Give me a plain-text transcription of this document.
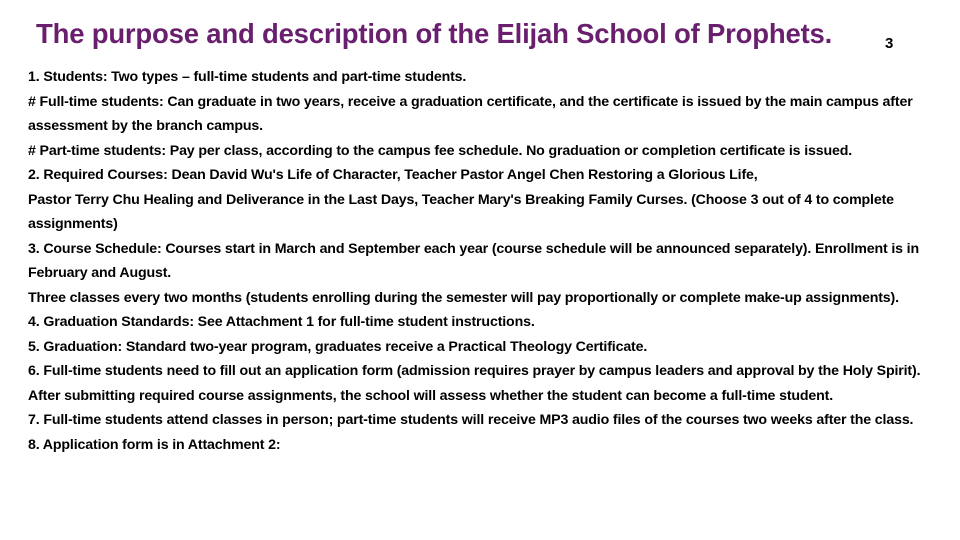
The purpose and description of the Elijah School of Prophets.	3

1. Students: Two types – full-time students and part-time students.

# Full-time students: Can graduate in two years, receive a graduation certificate, and the certificate is issued by the main campus after assessment by the branch campus.

# Part-time students: Pay per class, according to the campus fee schedule. No graduation or completion certificate is issued.

2. Required Courses: Dean David Wu's Life of Character, Teacher Pastor Angel Chen Restoring a Glorious Life,

Pastor Terry Chu Healing and Deliverance in the Last Days, Teacher Mary's Breaking Family Curses. (Choose 3 out of 4 to complete assignments)

3. Course Schedule: Courses start in March and September each year (course schedule will be announced separately). Enrollment is in February and August.

Three classes every two months (students enrolling during the semester will pay proportionally or complete make-up assignments).

4. Graduation Standards: See Attachment 1 for full-time student instructions.

5. Graduation: Standard two-year program, graduates receive a Practical Theology Certificate.

6. Full-time students need to fill out an application form (admission requires prayer by campus leaders and approval by the Holy Spirit).

After submitting required course assignments, the school will assess whether the student can become a full-time student.

7. Full-time students attend classes in person; part-time students will receive MP3 audio files of the courses two weeks after the class.

8. Application form is in Attachment 2:
